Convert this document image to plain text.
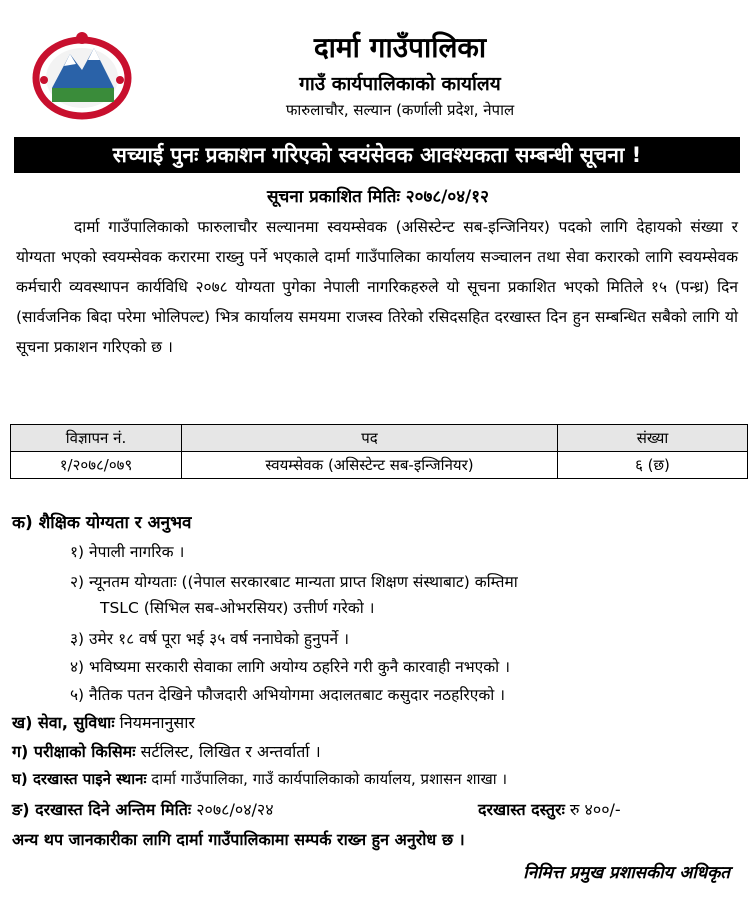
दार्मा गाउँपालिका
गाउँ कार्यपालिकाको कार्यालय
फारुलाचौर, सल्यान (कर्णाली प्रदेश, नेपाल
सच्याई पुनः प्रकाशन गरिएको स्वयंसेवक आवश्यकता सम्बन्धी सूचना !
सूचना प्रकाशित मितिः २०७८/०४/१२
दार्मा गाउँपालिकाको फारुलाचौर सल्यानमा स्वयम्सेवक (असिस्टेन्ट सब-इन्जिनियर) पदको लागि देहायको संख्या र योग्यता भएको स्वयम्सेवक करारमा राख्नु पर्ने भएकाले दार्मा गाउँपालिका कार्यालय सञ्चालन तथा सेवा करारको लागि स्वयम्सेवक कर्मचारी व्यवस्थापन कार्यविधि २०७८ योग्यता पुगेका नेपाली नागरिकहरुले यो सूचना प्रकाशित भएको मितिले १५ (पन्ध्र) दिन (सार्वजनिक बिदा परेमा भोलिपल्ट) भित्र कार्यालय समयमा राजस्व तिरेको रसिदसहित दरखास्त दिन हुन सम्बन्धित सबैको लागि यो सूचना प्रकाशन गरिएको छ ।
विज्ञापन नं.	पद	संख्या
१/२०७८/०७९	स्वयम्सेवक (असिस्टेन्ट सब-इन्जिनियर)	६ (छ)
क) शैक्षिक योग्यता र अनुभव
१) नेपाली नागरिक ।
२) न्यूनतम योग्यताः ((नेपाल सरकारबाट मान्यता प्राप्त शिक्षण संस्थाबाट) कम्तिमा
TSLC (सिभिल सब-ओभरसियर) उत्तीर्ण गरेको ।
३) उमेर १८ वर्ष पूरा भई ३५ वर्ष ननाघेको हुनुपर्ने ।
४) भविष्यमा सरकारी सेवाका लागि अयोग्य ठहरिने गरी कुनै कारवाही नभएको ।
५) नैतिक पतन देखिने फौजदारी अभियोगमा अदालतबाट कसुदार नठहरिएको ।
ख) सेवा, सुविधाः नियमनानुसार
ग) परीक्षाको किसिमः सर्टलिस्ट, लिखित र अन्तर्वार्ता ।
घ) दरखास्त पाइने स्थानः दार्मा गाउँपालिका, गाउँ कार्यपालिकाको कार्यालय, प्रशासन शाखा ।
ङ) दरखास्त दिने अन्तिम मितिः २०७८/०४/२४	दरखास्त दस्तुरः रु ४००/-
अन्य थप जानकारीका लागि दार्मा गाउँपालिकामा सम्पर्क राख्न हुन अनुरोध छ ।
निमित्त प्रमुख प्रशासकीय अधिकृत
